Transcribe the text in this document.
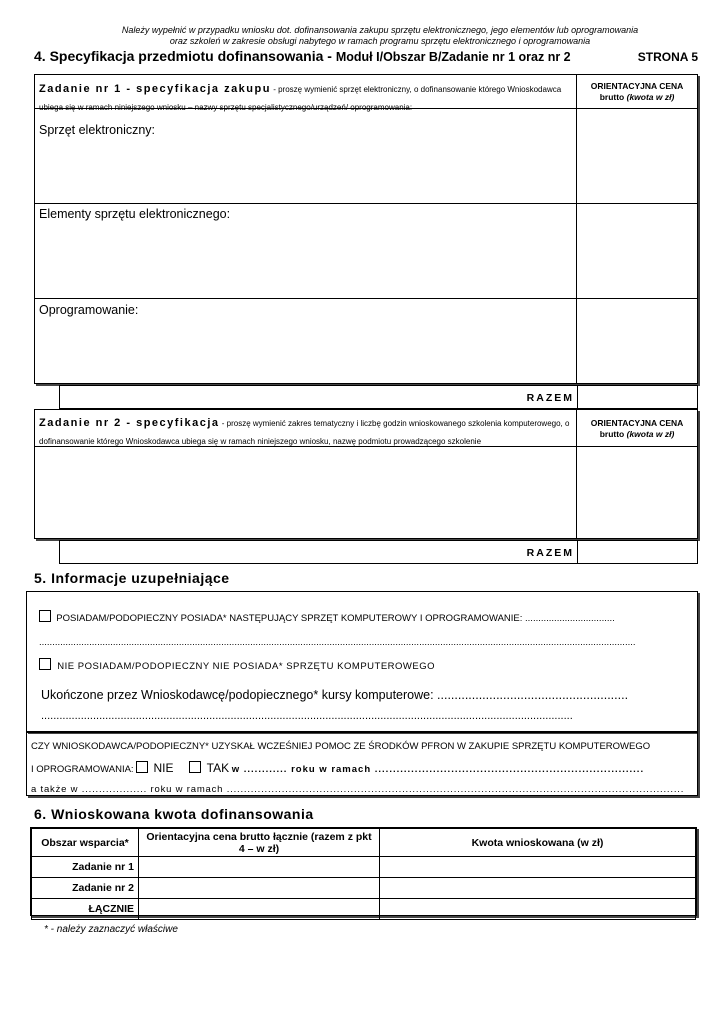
Należy wypełnić w przypadku wniosku dot. dofinansowania zakupu sprzętu elektronicznego, jego elementów lub oprogramowania
oraz szkoleń w zakresie obsługi nabytego w ramach programu sprzętu elektronicznego i oprogramowania
4. Specyfikacja przedmiotu dofinansowania - Moduł I/Obszar B/Zadanie nr 1 oraz nr 2	STRONA 5
Zadanie nr 1 - specyfikacja zakupu - proszę wymienić sprzęt elektroniczny, o dofinansowanie którego Wnioskodawca ubiega się w ramach niniejszego wniosku – nazwy sprzętu specjalistycznego/urządzeń/ oprogramowania:
ORIENTACYJNA CENA
brutto (kwota w zł)
Sprzęt elektroniczny:
Elementy sprzętu elektronicznego:
Oprogramowanie:
RAZEM
Zadanie nr 2 - specyfikacja - proszę wymienić zakres tematyczny i liczbę godzin wnioskowanego szkolenia komputerowego, o dofinansowanie którego Wnioskodawca ubiega się w ramach niniejszego wniosku, nazwę podmiotu prowadzącego szkolenie
ORIENTACYJNA CENA
brutto (kwota w zł)
RAZEM
5. Informacje uzupełniające
POSIADAM/PODOPIECZNY POSIADA* NASTĘPUJĄCY SPRZĘT KOMPUTEROWY I OPROGRAMOWANIE: ..................................
..................................................................................................................................................................................................................................
NIE POSIADAM/PODOPIECZNY NIE POSIADA* SPRZĘTU KOMPUTEROWEGO
Ukończone przez Wnioskodawcę/podopiecznego* kursy komputerowe: .......................................................
..............................................................................................................................................................................
CZY WNIOSKODAWCA/PODOPIECZNY* UZYSKAŁ WCZEŚNIEJ POMOC ZE ŚRODKÓW PFRON W ZAKUPIE SPRZĘTU KOMPUTEROWEGO
I OPROGRAMOWANIA: NIE	TAK w ............ roku w ramach ..........................................................................
a także w ................... roku w ramach .....................................................................................................................................
6. Wnioskowana kwota dofinansowania
Obszar wsparcia*	Orientacyjna cena brutto łącznie (razem z pkt 4 – w zł)	Kwota wnioskowana (w zł)
Zadanie nr 1		
Zadanie nr 2		
ŁĄCZNIE		
* - należy zaznaczyć właściwe
